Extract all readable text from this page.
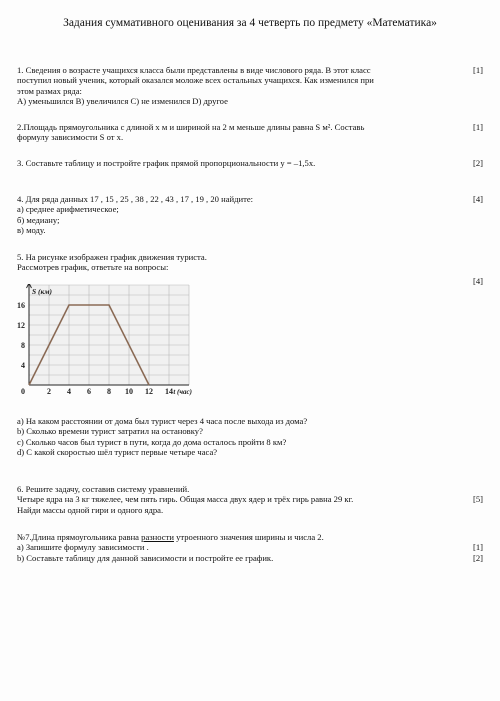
Задания суммативного оценивания за 4 четверть по предмету «Математика»

1. Сведения о возрасте учащихся класса были представлены в виде числового ряда. В этот класс

поступил новый ученик, который оказался моложе всех остальных учащихся. Как изменился при

этом размах ряда:

A) уменьшился B) увеличился C) не изменился D) другое

[1]

2.Площадь прямоугольника с длиной x м и шириной на 2 м меньше длины равна S м². Составь

формулу зависимости S от x.

[1]

3. Составьте таблицу и постройте график прямой пропорциональности y = –1,5x.	[2]

4. Для ряда данных 17 , 15 , 25 , 38 , 22 , 43 , 17 , 19 , 20 найдите:

а) среднее арифметическое;

б) медиану;

в) моду.

[4]

5. На рисунке изображен график движения туриста.

Рассмотрев график, ответьте на вопросы:

[4]
2 4 6 8 10 12 14
4
8
12
16
0
S (км)
t (час)

а) На каком расстоянии от дома был турист через 4 часа после выхода из дома?

b) Сколько времени турист затратил на остановку?

c) Сколько часов был турист в пути, когда до дома осталось пройти 8 км?

d) С какой скоростью шёл турист первые четыре часа?

6. Решите задачу, составив систему уравнений.

Четыре ядра на 3 кг тяжелее, чем пять гирь. Общая масса двух ядер и трёх гирь равна 29 кг.

Найди массы одной гири и одного ядра.

[5]

№7.Длина прямоугольника равна разности утроенного значения ширины и числа 2.

a) Запишите формулу зависимости .

b) Составьте таблицу для данной зависимости и постройте ее график.

[1]
[2]
